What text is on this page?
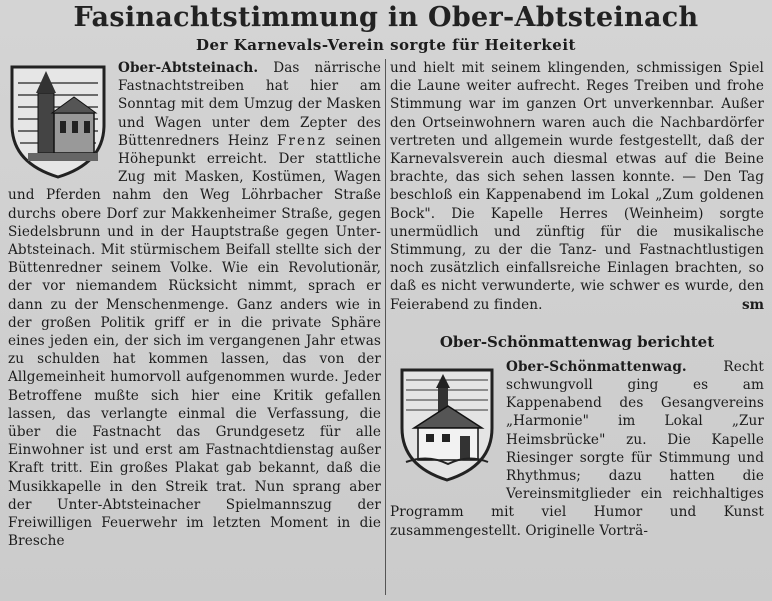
Fasinachtstimmung in Ober-Abtsteinach
Der Karnevals-Verein sorgte für Heiterkeit

Ober-Abtsteinach. Das närrische Fastnachtstreiben hat hier am Sonntag mit dem Umzug der Masken und Wagen unter dem Zepter des Büttenredners Heinz Frenz seinen Höhepunkt erreicht. Der stattliche Zug mit Masken, Kostümen, Wagen und Pferden nahm den Weg Löhrbacher Straße durchs obere Dorf zur Makkenheimer Straße, gegen Siedelsbrunn und in der Hauptstraße gegen Unter-Abtsteinach. Mit stürmischem Beifall stellte sich der Büttenredner seinem Volke. Wie ein Revolutionär, der vor niemandem Rücksicht nimmt, sprach er dann zu der Menschenmenge. Ganz anders wie in der großen Politik griff er in die private Sphäre eines jeden ein, der sich im vergangenen Jahr etwas zu schulden hat kommen lassen, das von der Allgemeinheit humorvoll aufgenommen wurde. Jeder Betroffene mußte sich hier eine Kritik gefallen lassen, das verlangte einmal die Verfassung, die über die Fastnacht das Grundgesetz für alle Einwohner ist und erst am Fastnachtdienstag außer Kraft tritt. Ein großes Plakat gab bekannt, daß die Musikkapelle in den Streik trat. Nun sprang aber der Unter-Abtsteinacher Spielmannszug der Freiwilligen Feuerwehr im letzten Moment in die Bresche

und hielt mit seinem klingenden, schmissigen Spiel die Laune weiter aufrecht. Reges Treiben und frohe Stimmung war im ganzen Ort unverkennbar. Außer den Ortseinwohnern waren auch die Nachbardörfer vertreten und allgemein wurde festgestellt, daß der Karnevalsverein auch diesmal etwas auf die Beine brachte, das sich sehen lassen konnte. — Den Tag beschloß ein Kappenabend im Lokal „Zum goldenen Bock". Die Kapelle Herres (Weinheim) sorgte unermüdlich und zünftig für die musikalische Stimmung, zu der die Tanz- und Fastnachtlustigen noch zusätzlich einfallsreiche Einlagen brachten, so daß es nicht verwunderte, wie schwer es wurde, den Feierabend zu finden.	sm
Ober-Schönmattenwag berichtet

Ober-Schönmattenwag.	Recht schwungvoll ging es am Kappenabend des Gesangvereins „Harmonie" im Lokal „Zur Heimsbrücke" zu. Die Kapelle Riesinger sorgte für Stimmung und Rhythmus; dazu hatten die Vereinsmitglieder ein reichhaltiges Programm mit viel Humor und Kunst zusammengestellt. Originelle Vorträ-
